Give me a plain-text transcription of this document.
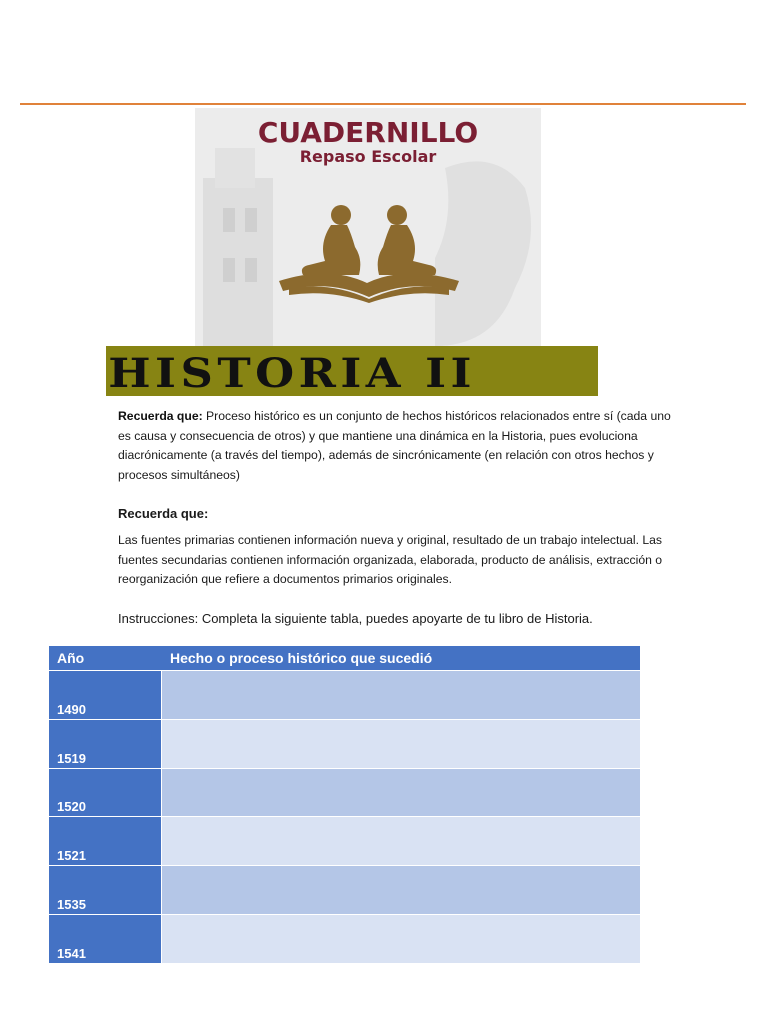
CUADERNILLO
Repaso Escolar
HISTORIA II
Recuerda que: Proceso histórico es un conjunto de hechos históricos relacionados entre sí (cada uno es causa y consecuencia de otros) y que mantiene una dinámica en la Historia, pues evoluciona diacrónicamente (a través del tiempo), además de sincrónicamente (en relación con otros hechos y procesos simultáneos)
Recuerda que:
Las fuentes primarias contienen información nueva y original, resultado de un trabajo intelectual. Las fuentes secundarias contienen información organizada, elaborada, producto de análisis, extracción o reorganización que refiere a documentos primarios originales.
Instrucciones: Completa la siguiente tabla, puedes apoyarte de tu libro de Historia.
Año	Hecho o proceso histórico que sucedió
1490
1519
1520
1521
1535
1541
